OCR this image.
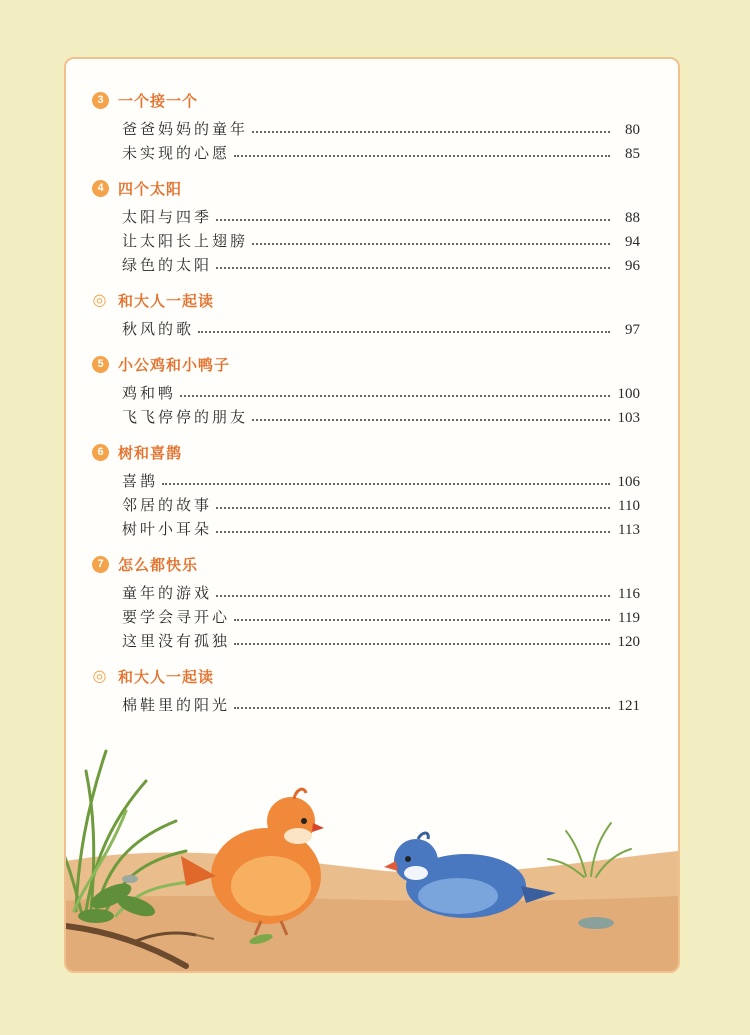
3 一个接一个
爸爸妈妈的童年	80
未实现的心愿	85
4 四个太阳
太阳与四季	88
让太阳长上翅膀	94
绿色的太阳	96
◎ 和大人一起读
秋风的歌	97
5 小公鸡和小鸭子
鸡和鸭	100
飞飞停停的朋友	103
6 树和喜鹊
喜鹊	106
邻居的故事	110
树叶小耳朵	113
7 怎么都快乐
童年的游戏	116
要学会寻开心	119
这里没有孤独	120
◎ 和大人一起读
棉鞋里的阳光	121
